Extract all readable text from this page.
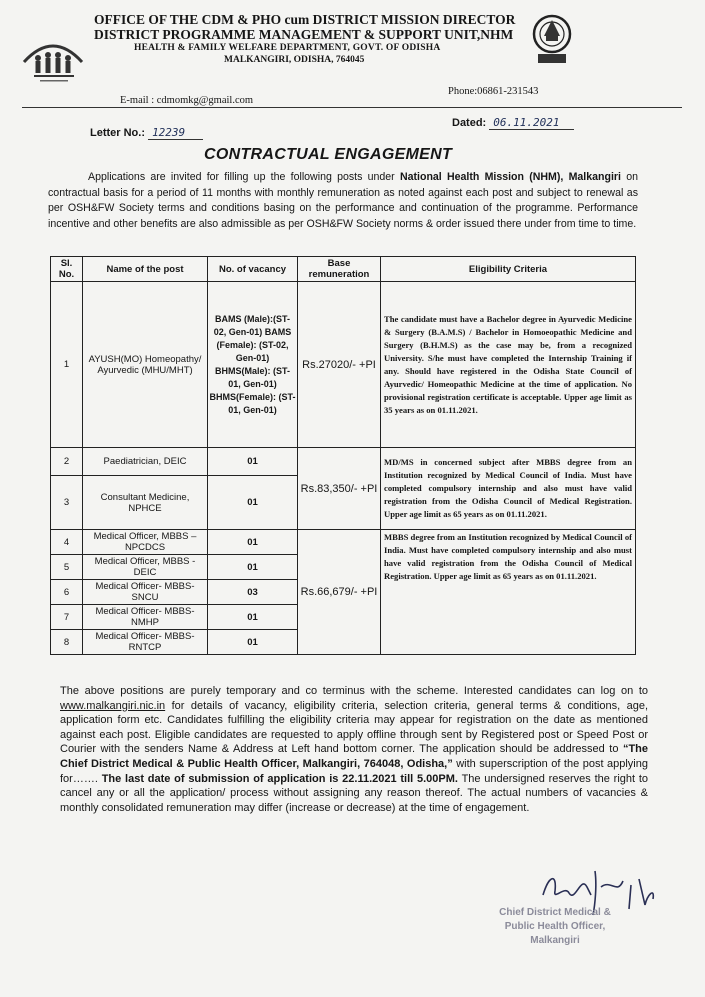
OFFICE OF THE CDM & PHO cum DISTRICT MISSION DIRECTOR

DISTRICT PROGRAMME MANAGEMENT & SUPPORT UNIT,NHM

HEALTH & FAMILY WELFARE DEPARTMENT, GOVT. OF ODISHA

MALKANGIRI, ODISHA, 764045

Phone:06861-231543
E-mail : cdmomkg@gmail.com
Letter No.: 12239
Dated: 06.11.2021
CONTRACTUAL ENGAGEMENT
Applications are invited for filling up the following posts under National Health Mission (NHM), Malkangiri on contractual basis for a period of 11 months with monthly remuneration as noted against each post and subject to renewal as per OSH&FW Society terms and conditions basing on the performance and continuation of the programme. Performance incentive and other benefits are also admissible as per OSH&FW Society norms & order issued there under from time to time.
Sl. No.	Name of the post	No. of vacancy	Base remuneration	Eligibility Criteria
1	AYUSH(MO) Homeopathy/ Ayurvedic (MHU/MHT)	BAMS (Male):(ST-02, Gen-01) BAMS (Female): (ST-02, Gen-01) BHMS(Male): (ST-01, Gen-01) BHMS(Female): (ST-01, Gen-01)	Rs.27020/- +PI	The candidate must have a Bachelor degree in Ayurvedic Medicine & Surgery (B.A.M.S) / Bachelor in Homoeopathic Medicine and Surgery (B.H.M.S) as the case may be, from a recognized University. S/he must have completed the Internship Training if any. Should have registered in the Odisha State Council of Ayurvedic/ Homeopathic Medicine at the time of application. No provisional registration certificate is acceptable. Upper age limit as 35 years as on 01.11.2021.
2	Paediatrician, DEIC	01	Rs.83,350/- +PI	MD/MS in concerned subject after MBBS degree from an Institution recognized by Medical Council of India. Must have completed compulsory internship and also must have valid registration from the Odisha Council of Medical Registration. Upper age limit as 65 years as on 01.11.2021.
3	Consultant Medicine, NPHCE	01		
4	Medical Officer, MBBS – NPCDCS	01	Rs.66,679/- +PI	MBBS degree from an Institution recognized by Medical Council of India. Must have completed compulsory internship and also must have valid registration from the Odisha Council of Medical Registration. Upper age limit as 65 years as on 01.11.2021.
5	Medical Officer, MBBS - DEIC	01		
6	Medical Officer- MBBS-SNCU	03		
7	Medical Officer- MBBS-NMHP	01		
8	Medical Officer- MBBS-RNTCP	01		
The above positions are purely temporary and co terminus with the scheme. Interested candidates can log on to www.malkangiri.nic.in for details of vacancy, eligibility criteria, selection criteria, general terms & conditions, age, application form etc. Candidates fulfilling the eligibility criteria may appear for registration on the date as mentioned against each post. Eligible candidates are requested to apply offline through sent by Registered post or Speed Post or Courier with the senders Name & Address at Left hand bottom corner. The application should be addressed to “The Chief District Medical & Public Health Officer, Malkangiri, 764048, Odisha,” with superscription of the post applying for……. The last date of submission of application is 22.11.2021 till 5.00PM. The undersigned reserves the right to cancel any or all the application/ process without assigning any reason thereof. The actual numbers of vacancies & monthly consolidated remuneration may differ (increase or decrease) at the time of engagement.
Chief District Medical &
Public Health Officer,
Malkangiri
